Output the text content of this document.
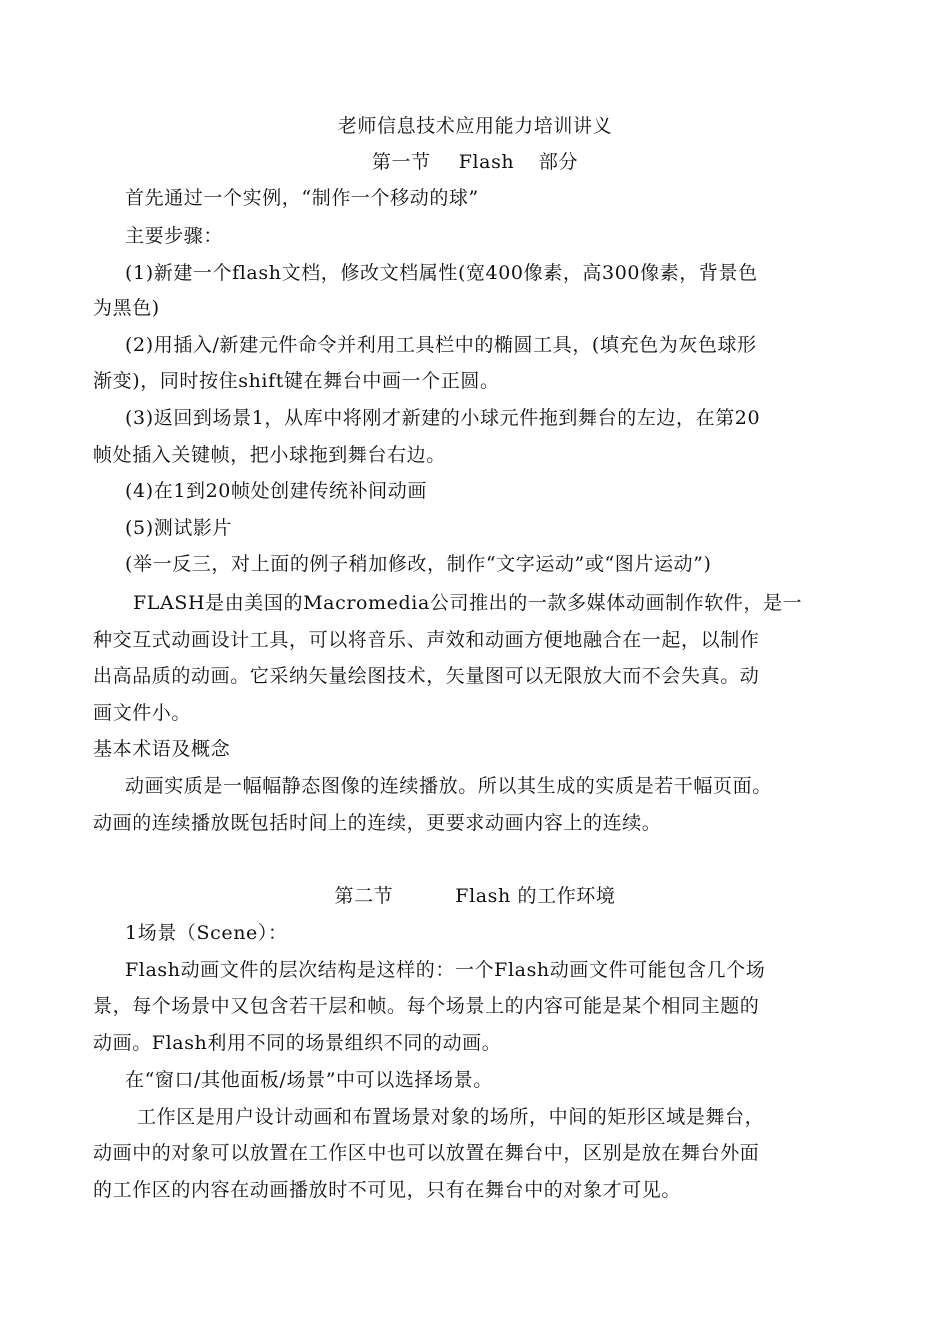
老师信息技术应用能力培训讲义
第一节 Flash 部分
首先通过一个实例，“制作一个移动的球”
主要步骤：
(1)新建一个flash文档，修改文档属性(宽400像素，高300像素，背景色
为黑色)
(2)用插入/新建元件命令并利用工具栏中的椭圆工具，(填充色为灰色球形
渐变)，同时按住shift键在舞台中画一个正圆。
(3)返回到场景1，从库中将刚才新建的小球元件拖到舞台的左边，在第20
帧处插入关键帧，把小球拖到舞台右边。
(4)在1到20帧处创建传统补间动画
(5)测试影片
(举一反三，对上面的例子稍加修改，制作“文字运动”或“图片运动”)
FLASH是由美国的Macromedia公司推出的一款多媒体动画制作软件，是一
种交互式动画设计工具，可以将音乐、声效和动画方便地融合在一起，以制作
出高品质的动画。它采纳矢量绘图技术，矢量图可以无限放大而不会失真。动
画文件小。
基本术语及概念
动画实质是一幅幅静态图像的连续播放。所以其生成的实质是若干幅页面。
动画的连续播放既包括时间上的连续，更要求动画内容上的连续。
第二节	Flash 的工作环境
1场景（Scene）：
Flash动画文件的层次结构是这样的：一个Flash动画文件可能包含几个场
景，每个场景中又包含若干层和帧。每个场景上的内容可能是某个相同主题的
动画。Flash利用不同的场景组织不同的动画。
在“窗口/其他面板/场景”中可以选择场景。
工作区是用户设计动画和布置场景对象的场所，中间的矩形区域是舞台，
动画中的对象可以放置在工作区中也可以放置在舞台中，区别是放在舞台外面
的工作区的内容在动画播放时不可见，只有在舞台中的对象才可见。
